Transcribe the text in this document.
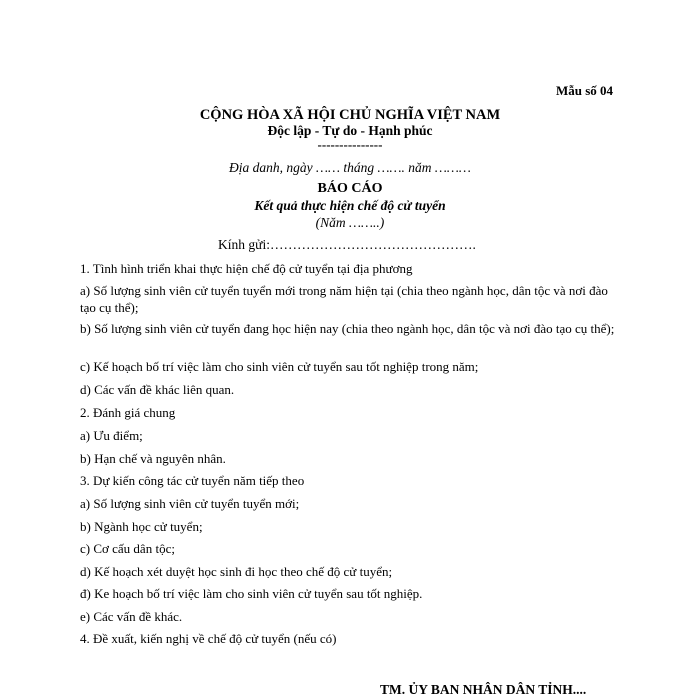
Mẫu số 04
CỘNG HÒA XÃ HỘI CHỦ NGHĨA VIỆT NAM
Độc lập - Tự do - Hạnh phúc
---------------
Địa danh, ngày …… tháng ……. năm ………
BÁO CÁO
Kết quả thực hiện chế độ cử tuyển
(Năm ……..)
Kính gửi:……………………………………….
1. Tình hình triển khai thực hiện chế độ cử tuyển tại địa phương
a) Số lượng sinh viên cử tuyển tuyển mới trong năm hiện tại (chia theo ngành học, dân tộc và nơi đào tạo cụ thể);
b) Số lượng sinh viên cử tuyển đang học hiện nay (chia theo ngành học, dân tộc và nơi đào tạo cụ thể);
c) Kế hoạch bố trí việc làm cho sinh viên cử tuyển sau tốt nghiệp trong năm;
d) Các vấn đề khác liên quan.
2. Đánh giá chung
a) Ưu điểm;
b) Hạn chế và nguyên nhân.
3. Dự kiến công tác cử tuyển năm tiếp theo
a) Số lượng sinh viên cử tuyển tuyển mới;
b) Ngành học cử tuyển;
c) Cơ cấu dân tộc;
d) Kế hoạch xét duyệt học sinh đi học theo chế độ cử tuyển;
đ) Ke hoạch bố trí việc làm cho sinh viên cử tuyển sau tốt nghiệp.
e) Các vấn đề khác.
4. Đề xuất, kiến nghị về chế độ cử tuyển (nếu có)
TM. ỦY BAN NHÂN DÂN TỈNH....
